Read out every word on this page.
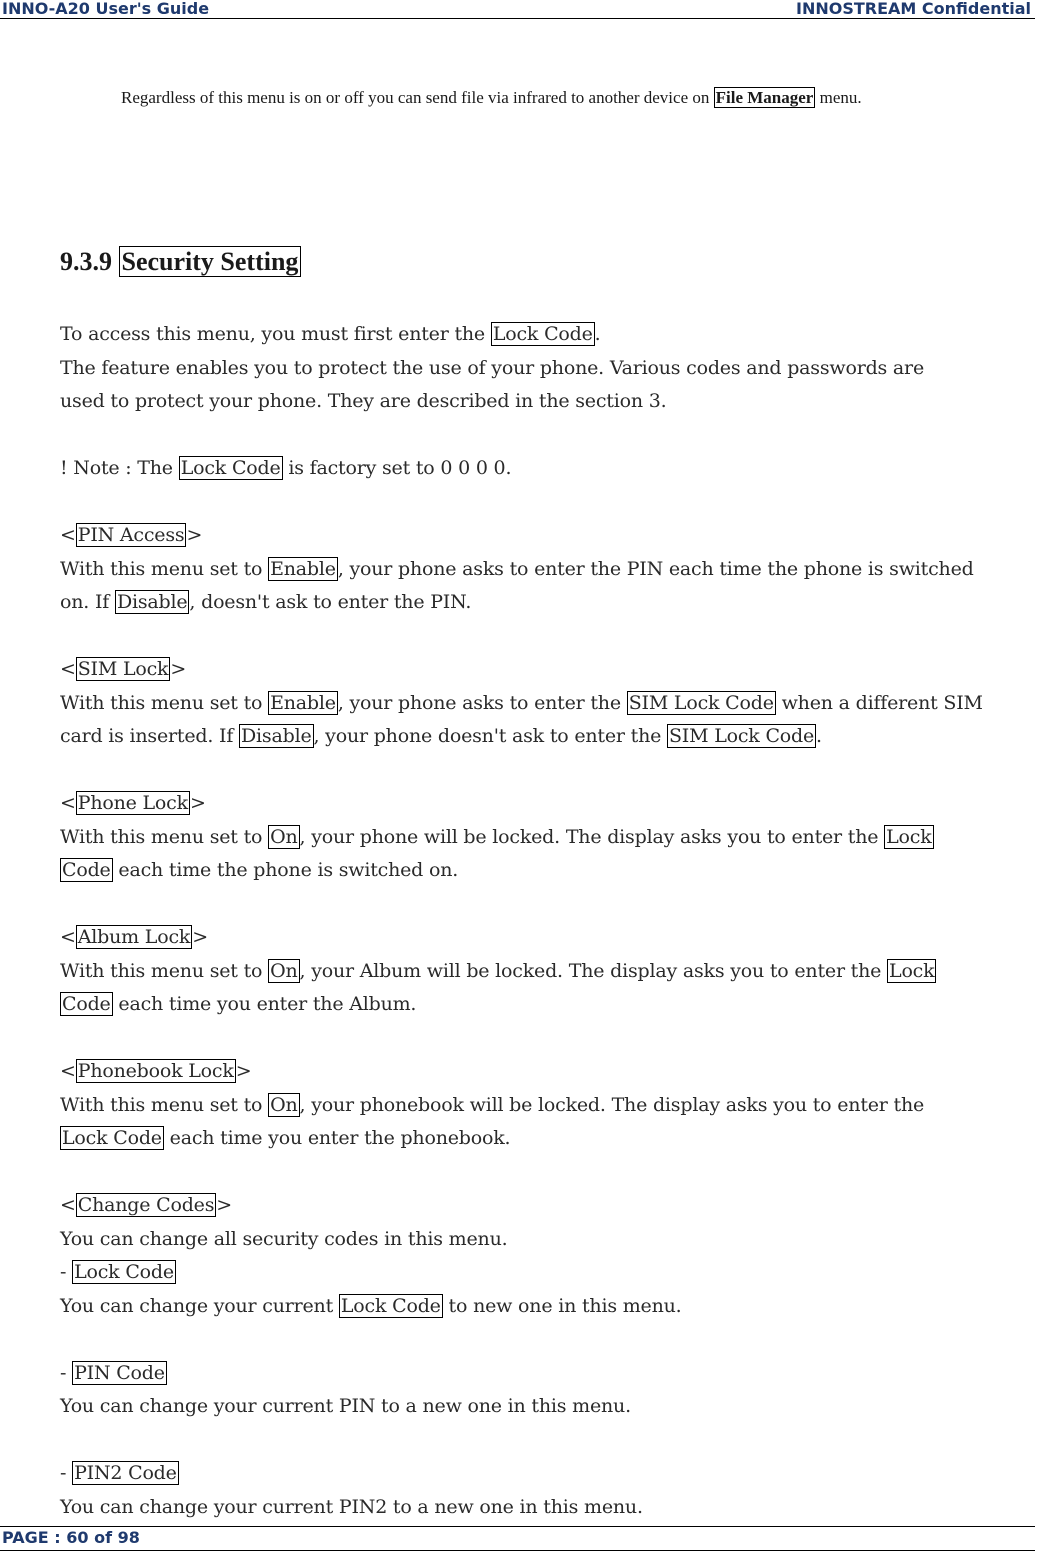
INNO-A20 User's Guide	INNOSTREAM Confidential
Regardless of this menu is on or off you can send file via infrared to another device on File Manager menu.
9.3.9 Security Setting

To access this menu, you must first enter the Lock Code .

The feature enables you to protect the use of your phone. Various codes and passwords are

used to protect your phone. They are described in the section 3.

! Note : The Lock Code is factory set to 0 0 0 0.

< PIN Access >

With this menu set to Enable , your phone asks to enter the PIN each time the phone is switched

on. If Disable , doesn't ask to enter the PIN.

< SIM Lock >

With this menu set to Enable , your phone asks to enter the SIM Lock Code when a different SIM

card is inserted. If Disable , your phone doesn't ask to enter the SIM Lock Code .

< Phone Lock >

With this menu set to On , your phone will be locked. The display asks you to enter the Lock

Code each time the phone is switched on.

< Album Lock >

With this menu set to On , your Album will be locked. The display asks you to enter the Lock

Code each time you enter the Album.

< Phonebook Lock >

With this menu set to On , your phonebook will be locked. The display asks you to enter the

Lock Code each time you enter the phonebook.

< Change Codes >

You can change all security codes in this menu.

- Lock Code

You can change your current Lock Code to new one in this menu.

- PIN Code

You can change your current PIN to a new one in this menu.

- PIN2 Code

You can change your current PIN2 to a new one in this menu.

PAGE : 60 of 98
